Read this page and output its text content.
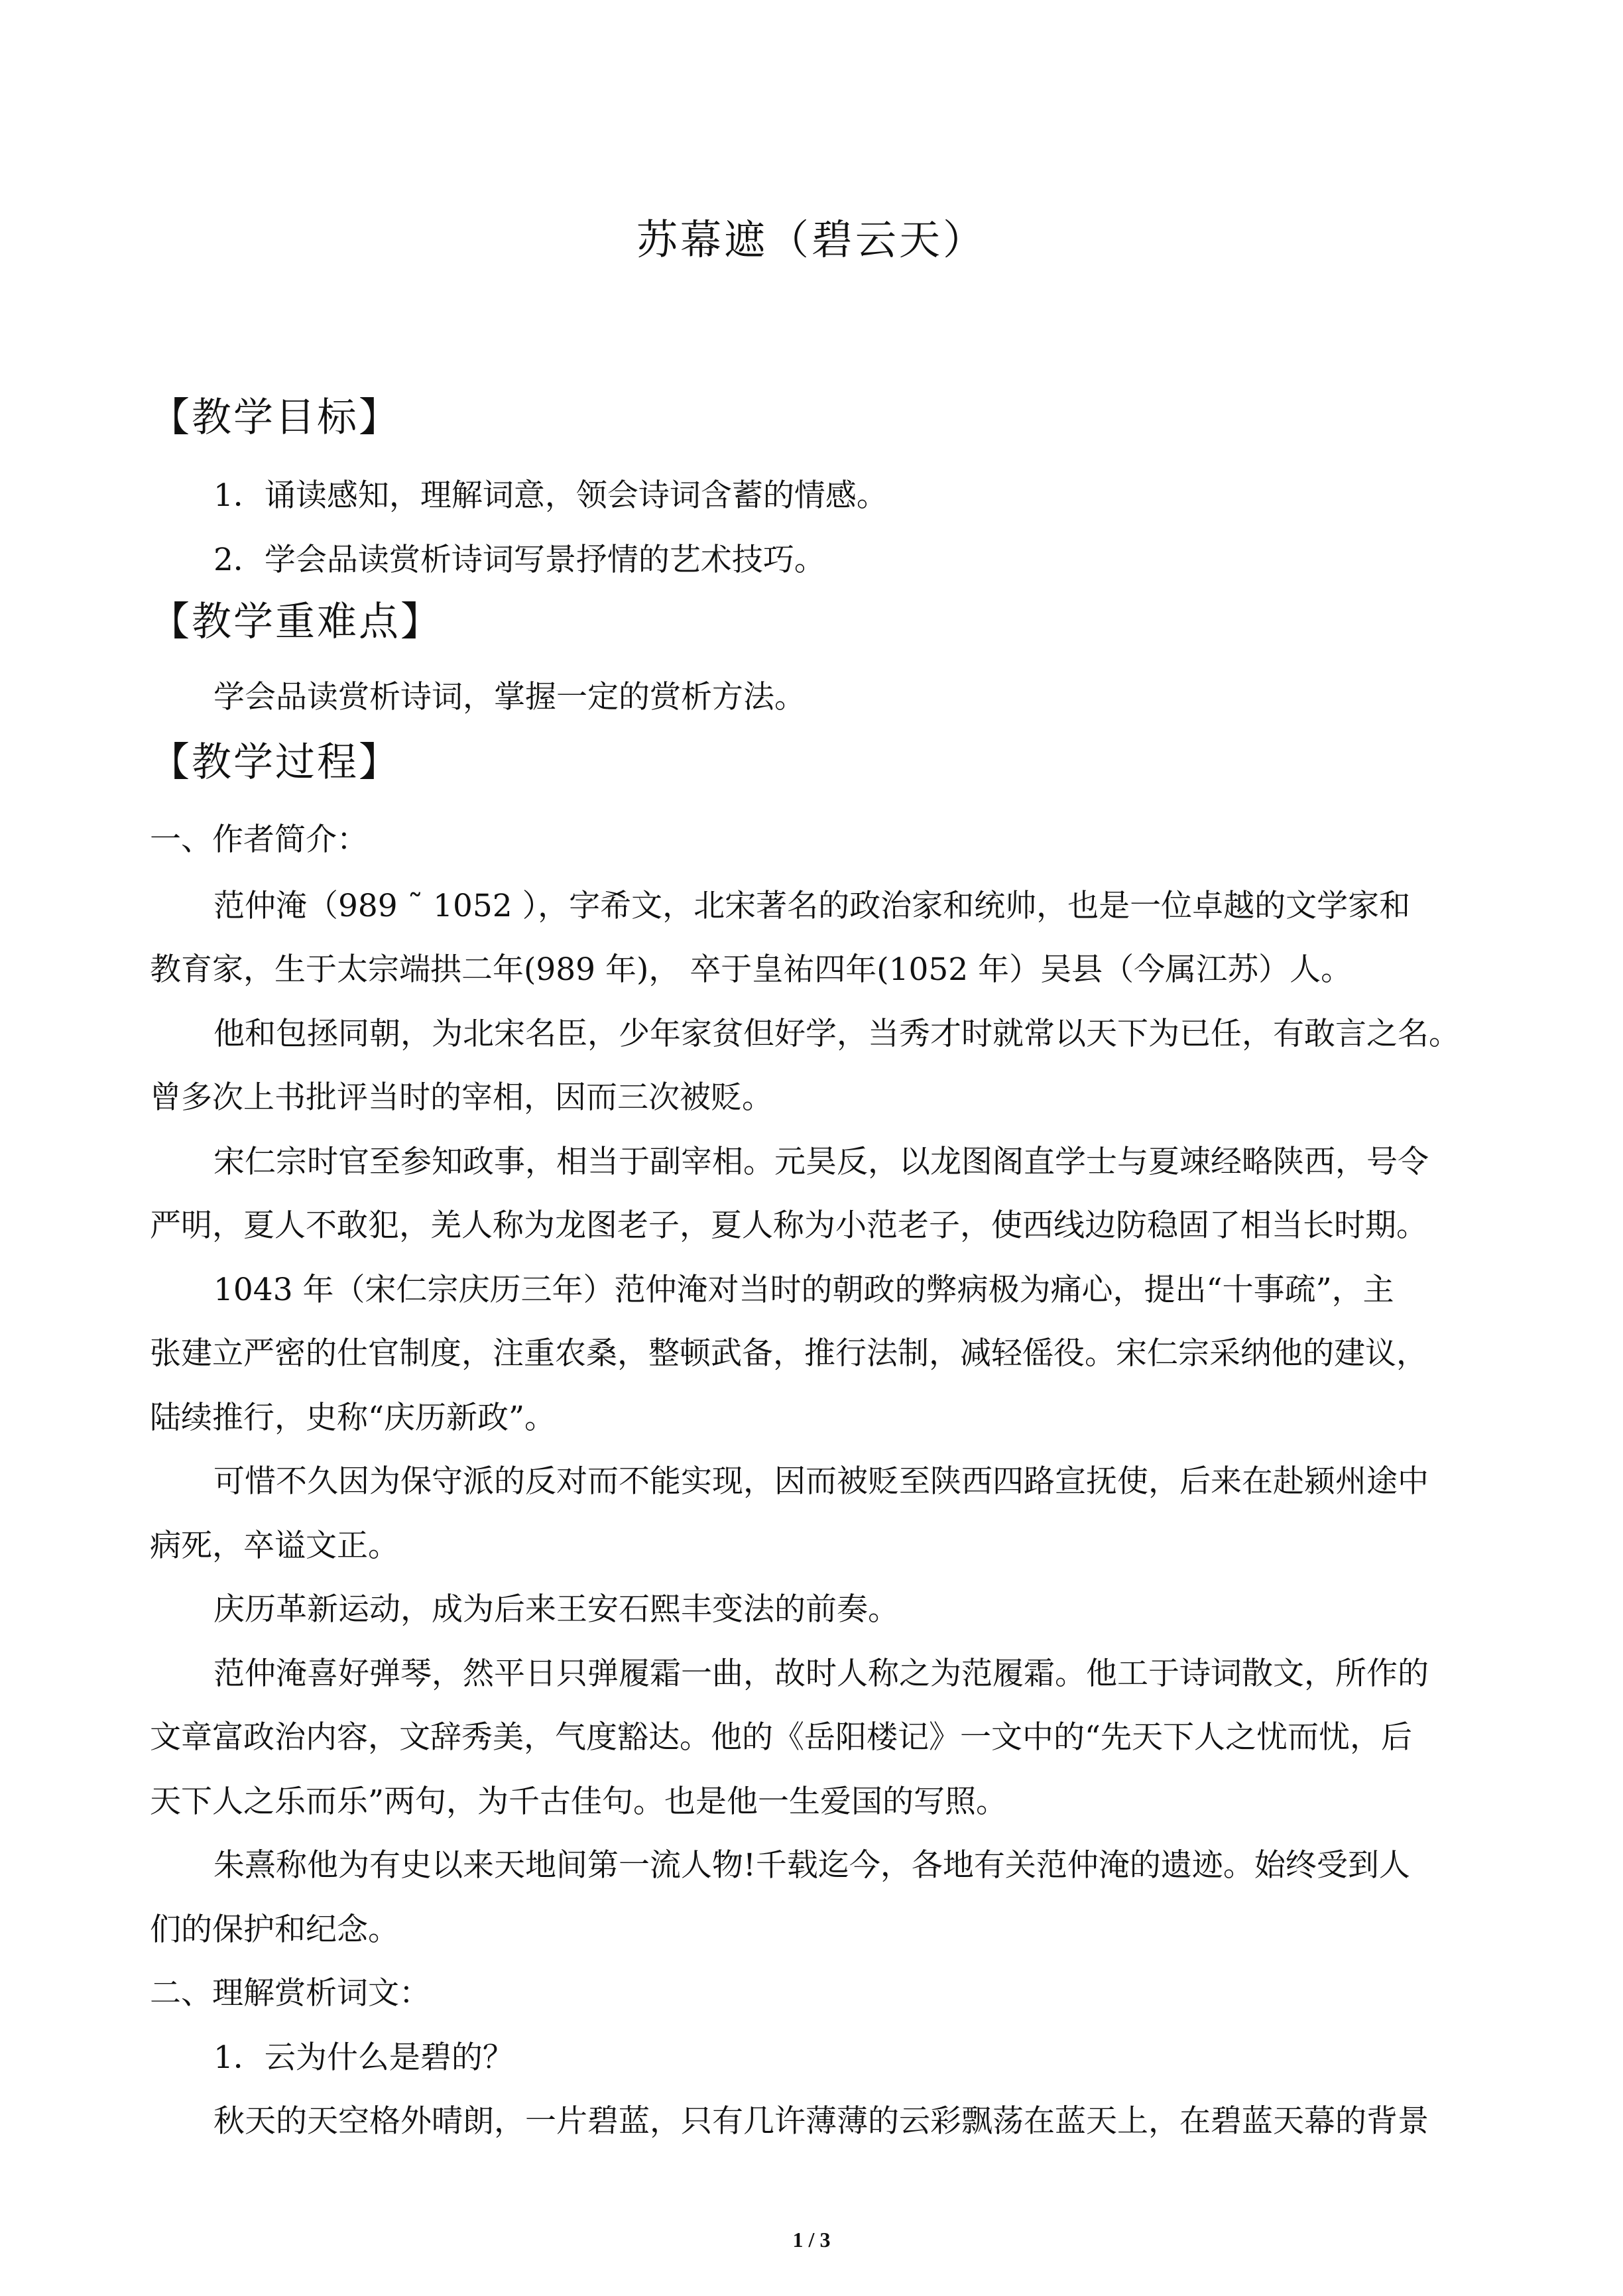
苏幕遮（碧云天）
【教学目标】
1．诵读感知，理解词意，领会诗词含蓄的情感。
2．学会品读赏析诗词写景抒情的艺术技巧。
【教学重难点】
学会品读赏析诗词，掌握一定的赏析方法。
【教学过程】
一、作者简介：
范仲淹（989 ˜ 1052 ），字希文，北宋著名的政治家和统帅，也是一位卓越的文学家和
教育家，生于太宗端拱二年(989 年)， 卒于皇祐四年(1052 年）吴县（今属江苏）人。
他和包拯同朝，为北宋名臣，少年家贫但好学，当秀才时就常以天下为已任，有敢言之名。
曾多次上书批评当时的宰相，因而三次被贬。
宋仁宗时官至参知政事，相当于副宰相。元昊反，以龙图阁直学士与夏竦经略陕西，号令
严明，夏人不敢犯，羌人称为龙图老子，夏人称为小范老子，使西线边防稳固了相当长时期。
1043 年（宋仁宗庆历三年）范仲淹对当时的朝政的弊病极为痛心，提出“十事疏”，主
张建立严密的仕官制度，注重农桑，整顿武备，推行法制，减轻傜役。宋仁宗采纳他的建议，
陆续推行，史称“庆历新政”。
可惜不久因为保守派的反对而不能实现，因而被贬至陕西四路宣抚使，后来在赴颍州途中
病死，卒谥文正。
庆历革新运动，成为后来王安石熙丰变法的前奏。
范仲淹喜好弹琴，然平日只弹履霜一曲，故时人称之为范履霜。他工于诗词散文，所作的
文章富政治内容，文辞秀美，气度豁达。他的《岳阳楼记》一文中的“先天下人之忧而忧，后
天下人之乐而乐”两句，为千古佳句。也是他一生爱国的写照。
朱熹称他为有史以来天地间第一流人物!千载迄今，各地有关范仲淹的遗迹。始终受到人
们的保护和纪念。
二、理解赏析词文：
1．云为什么是碧的？
秋天的天空格外晴朗，一片碧蓝，只有几许薄薄的云彩飘荡在蓝天上，在碧蓝天幕的背景
1 / 3
